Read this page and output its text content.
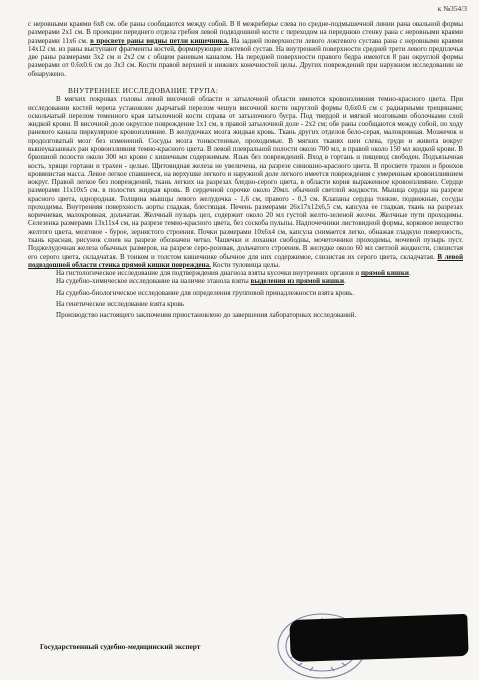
к №354/3

с неровными краями 6х8 см. обе раны сообщаются между собой. В 8 межреберье слева по средне-подмышечной линии рана овальной формы размерами 2х1 см. В проекции переднего отдела гребня левой подвздошной кости с переходом на переднюю стенку рана с неровными краями размерами 11х6 см. в просвете раны видны петли кишечника. На задней поверхности левого локтевого сустава рана с неровными краями 14х12 см. из раны выступают фрагменты костей, формирующие локтевой сустав. На внутренней поверхности средней трети левого предплечья две раны размерами 3х2 см и 2х2 см с общим раневым каналом. На передней поверхности правого бедра имеются 8 ран округлой формы размерами от 0.6х0.6 см до 3х3 см. Кости правой верхней и нижних конечностей целы. Других повреждений при наружном исследовании не обнаружено.

ВНУТРЕННЕЕ ИССЛЕДОВАНИЕ ТРУПА:

В мягких покровах головы левой височной области и затылочной области имеются кровоизлияния темно-красного цвета. При исследовании костей черепа установлен дырчатый перелом чешуи височной кости округлой формы 0,6х0.6 см с радиарными трещинами; оскольчатый перелом теменного края затылочной кости справа от затылочного бугра. Под твердой и мягкой мозговыми оболочками слой жидкой крови. В височной доле округлое повреждение 1х1 см, в правой затылочной доле - 2х2 см; обе раны сообщаются между собой, по ходу раневого канала пиркулярное кровоизлияние. В желудочках мозга жидкая кровь. Ткань других отделов бело-серая, малокровная. Мозжечок и продолговатый мозг без изменений. Сосуды мозга тонкостенные, проходимые. В мягких тканях шеи слева, груди и живота вокруг вышеуказанных ран кровоизлияния темно-красного цвета. В левой плевральной полости около 700 мл, в правой около 150 мл жидкой крови. В брюшной полости около 300 мл крови с кишечным содержимым. Язык без повреждений. Вход в гортань и пищевод свободен. Подъязычная кость, хрящи гортани и трахеи - целые. Щитовидная железа не увеличена, на разрезе синюшно-красного цвета. В просвете трахеи и бронхов кровянистая масса. Левое легкое спавшееся, на верхушке легкого и наружной доле легкого имеется повреждения с умеренным кровоизлиянием вокруг. Правой легкое без повреждений, ткань легких на разрезах бледно-серого цвета, в области корня выраженное кровоизлияние. Сердце размерами 11х10х5 см. в полостях жидкая кровь. В сердечной сорочке около 20мл. обычной светлой жидкости. Мышца сердца на разрезе красного цвета, однородная. Толщина мышцы левого желудочка - 1,6 см, правого - 0,3 см. Клапаны сердца тонкие, подвижные, сосуды проходимы. Внутренняя поверхность аорты гладкая, блестящая. Печень размерами 26х17х12х6,5 см, капсула ее гладкая, ткань на разрезах коричневая, малокровная, дольчатая. Желчный пузырь цел, содержит около 20 мл густой желто-зеленой желчи. Желчные пути проходимы. Селезенка размерами 13х11х4 см, на разрезе темно-красного цвета, без соскоба пульпы. Надпочечники листовидной формы, корковое вещество желтого цвета, мозговое - бурое, зернистого строения. Почки размерами 10х6х4 см, капсула снимается легко, обнажая гладкую поверхность, ткань красная, рисунок слоев на разрезе обозначен четко. Чашечки и лоханки свободны, мочеточники проходимы, мочевой пузырь пуст. Поджелудочная железа обычных размеров, на разрезе серо-розовая, дольчатого строения. В желудке около 60 мл светлой жидкости, слизистая его серого цвета, складчатая. В тонком и толстом кишечнике обычное для них содержимое, слизистая их серого цвета, складчатая. В левой подвздошной области стенка прямой кишки повреждена. Кости туловища целы.

На гистологическое исследование для подтверждения диагноза взяты кусочки внутренних органов и прямой кишки.

На судебно-химическое исследование на наличие этанола взяты выделения из прямой кишки.

На судебно-биологическое исследование для определения групповой принадлежности взята кровь.

На генетическое исследование взята кровь

Производство настоящего заключения приостановлено до завершения лабораторных исследований.

Государственный судебно-медицинский эксперт
